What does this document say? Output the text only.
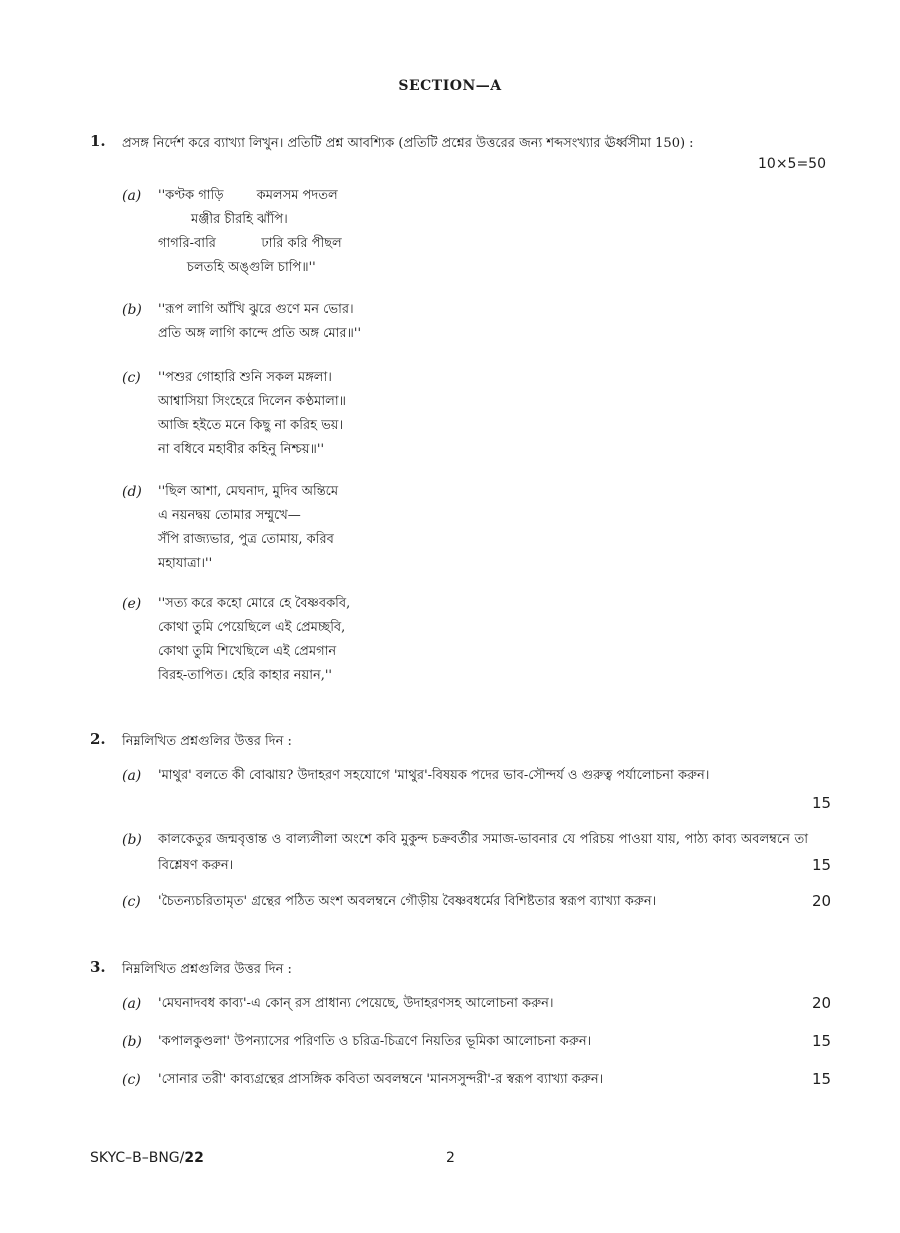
SECTION—A
1. প্রসঙ্গ নির্দেশ করে ব্যাখ্যা লিখুন। প্রতিটি প্রশ্ন আবশ্যিক (প্রতিটি প্রশ্নের উত্তরের জন্য শব্দসংখ্যার ঊর্ধ্বসীমা 150) :
10×5=50
(a) ''কণ্টক গাড়ি        কমলসম পদতল
মঞ্জীর চীরহি ঝাঁপি।
গাগরি-বারি           ঢারি করি পীছল
চলতহি অঙ্গুলি চাপি॥''
(b) ''রূপ লাগি আঁখি ঝুরে গুণে মন ভোর।
প্রতি অঙ্গ লাগি কান্দে প্রতি অঙ্গ মোর॥''
(c) ''পশুর গোহারি শুনি সকল মঙ্গলা।
আশ্বাসিয়া সিংহেরে দিলেন কণ্ঠমালা॥
আজি হইতে মনে কিছু না করিহ ভয়।
না বধিবে মহাবীর কহিনু নিশ্চয়॥''
(d) ''ছিল আশা, মেঘনাদ, মুদিব অন্তিমে
এ নয়নদ্বয় তোমার সম্মুখে—
সঁপি রাজ্যভার, পুত্র তোমায়, করিব
মহাযাত্রা।''
(e) ''সত্য করে কহো মোরে হে বৈষ্ণবকবি,
কোথা তুমি পেয়েছিলে এই প্রেমচ্ছবি,
কোথা তুমি শিখেছিলে এই প্রেমগান
বিরহ-তাপিত। হেরি কাহার নয়ান,''
2. নিম্নলিখিত প্রশ্নগুলির উত্তর দিন :
(a) 'মাথুর' বলতে কী বোঝায়? উদাহরণ সহযোগে 'মাথুর'-বিষয়ক পদের ভাব-সৌন্দর্য ও গুরুত্ব পর্যালোচনা করুন।
15
(b) কালকেতুর জন্মবৃত্তান্ত ও বাল্যলীলা অংশে কবি মুকুন্দ চক্রবর্তীর সমাজ-ভাবনার যে পরিচয় পাওয়া যায়, পাঠ্য কাব্য অবলম্বনে তা বিশ্লেষণ করুন।	15
(c) 'চৈতন্যচরিতামৃত' গ্রন্থের পঠিত অংশ অবলম্বনে গৌড়ীয় বৈষ্ণবধর্মের বিশিষ্টতার স্বরূপ ব্যাখ্যা করুন।	20
3. নিম্নলিখিত প্রশ্নগুলির উত্তর দিন :
(a) 'মেঘনাদবধ কাব্য'-এ কোন্ রস প্রাধান্য পেয়েছে, উদাহরণসহ আলোচনা করুন।	20
(b) 'কপালকুণ্ডলা' উপন্যাসের পরিণতি ও চরিত্র-চিত্রণে নিয়তির ভূমিকা আলোচনা করুন।	15
(c) 'সোনার তরী' কাব্যগ্রন্থের প্রাসঙ্গিক কবিতা অবলম্বনে 'মানসসুন্দরী'-র স্বরূপ ব্যাখ্যা করুন।	15
SKYC–B–BNG/22	2
